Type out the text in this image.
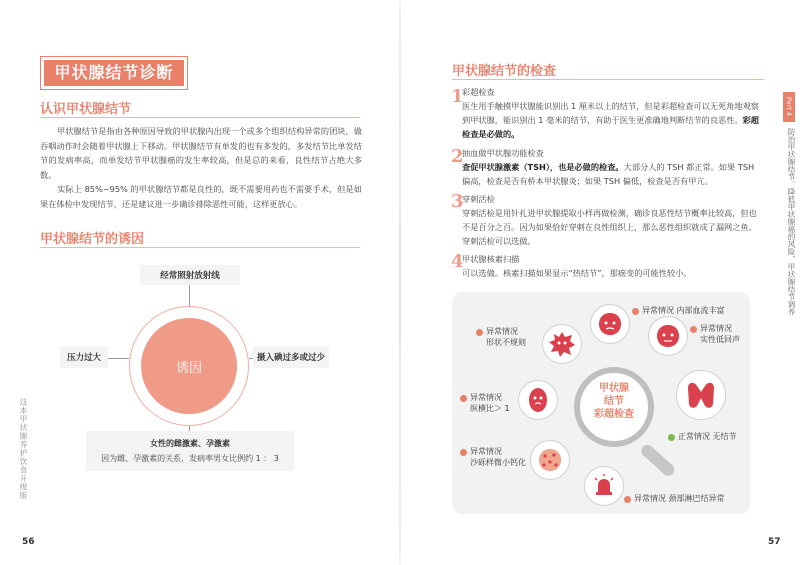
甲状腺结节诊断
认识甲状腺结节
甲状腺结节是指由各种原因导致的甲状腺内出现一个或多个组织结构异常的团块，做吞咽动作时会随着甲状腺上下移动。甲状腺结节有单发的也有多发的，多发结节比单发结节的发病率高，而单发结节甲状腺癌的发生率较高，但是总的来看，良性结节占绝大多数。
实际上 85%~95% 的甲状腺结节都是良性的，既不需要用药也不需要手术，但是如果在体检中发现结节，还是建议进一步确诊排除恶性可能，这样更放心。
甲状腺结节的诱因
经常照射放射线
压力过大	摄入碘过多或过少
诱因
女性的雌激素、孕激素
因为雌、孕激素的关系，发病率男女比例约 1 ： 3
这本甲状腺养护饮食升级版
56
甲状腺结节的检查
1
彩超检查
医生用手触摸甲状腺能识别出 1 厘米以上的结节，但是彩超检查可以无死角地观察到甲状腺，能识别出 1 毫米的结节，有助于医生更准确地判断结节的良恶性。彩超检查是必做的。
2
抽血做甲状腺功能检查
查促甲状腺激素（TSH），也是必做的检查。大部分人的 TSH 都正常。如果 TSH 偏高，检查是否有桥本甲状腺炎；如果 TSH 偏低，检查是否有甲亢。
3
穿刺活检
穿刺活检是用针扎进甲状腺提取小样再做检测，确诊良恶性结节概率比较高，但也不是百分之百。因为如果恰好穿刺在良性组织上，那么恶性组织就成了漏网之鱼。穿刺活检可以选做。
4
甲状腺核素扫描
可以选做。核素扫描如果显示“热结节”，那癌变的可能性较小。
甲状腺
结节
彩超检查
异常情况 内部血流丰富
异常情况
实性低回声
异常情况
形状不规则
异常情况
纵横比＞ 1
正常情况 无结节
异常情况
沙砾样微小钙化
异常情况 颈部淋巴结异常
Part 4
防治甲状腺结节、降低甲状腺癌的风险，甲状腺结节调养
57
